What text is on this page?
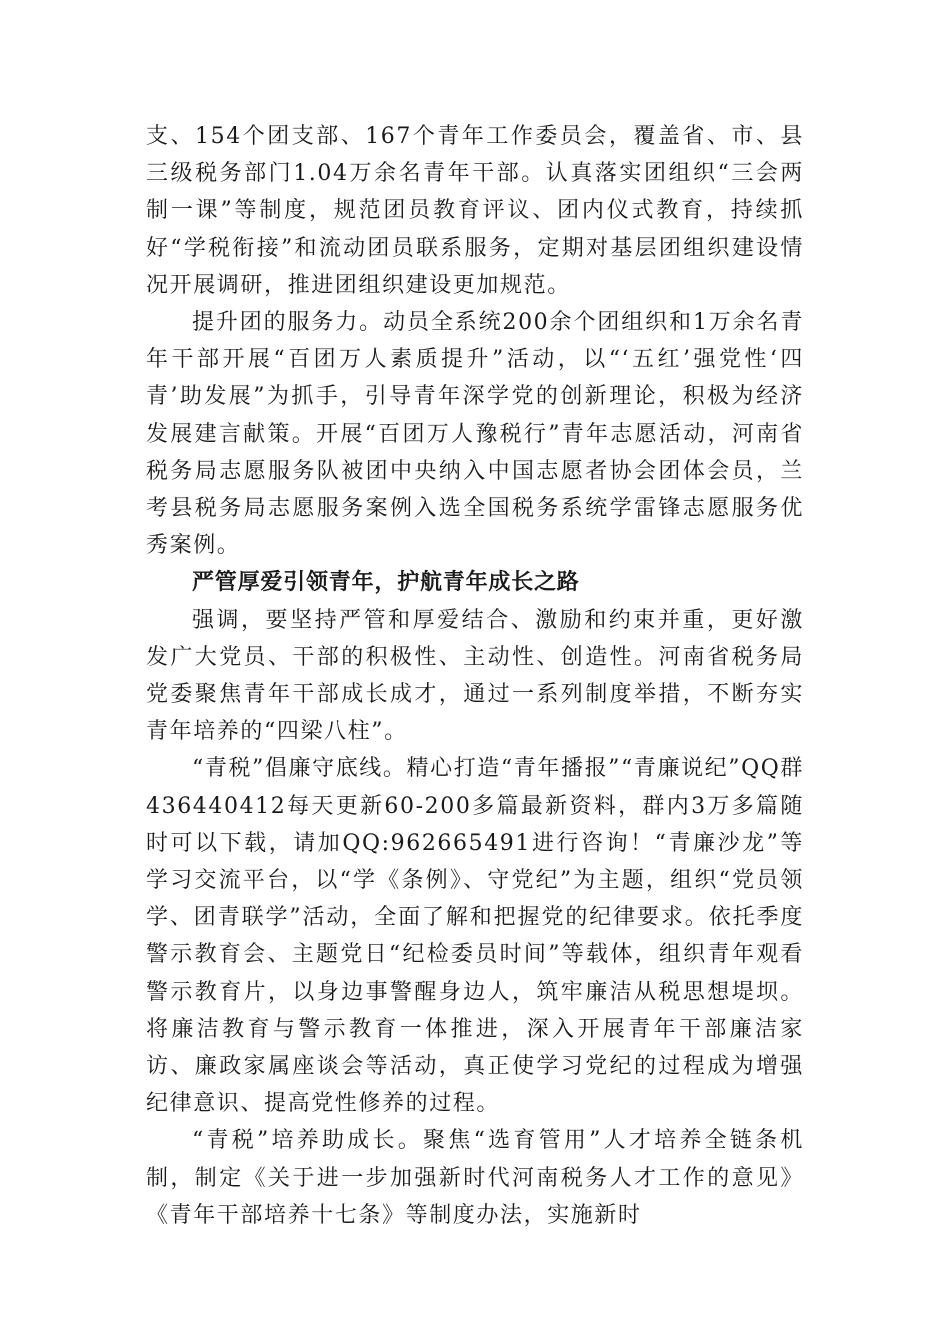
支、154个团支部、167个青年工作委员会，覆盖省、市、县三级税务部门1.04万余名青年干部。认真落实团组织“三会两制一课”等制度，规范团员教育评议、团内仪式教育，持续抓好“学税衔接”和流动团员联系服务，定期对基层团组织建设情况开展调研，推进团组织建设更加规范。

提升团的服务力。动员全系统200余个团组织和1万余名青年干部开展“百团万人素质提升”活动，以“‘五红’强党性‘四青’助发展”为抓手，引导青年深学党的创新理论，积极为经济发展建言献策。开展“百团万人豫税行”青年志愿活动，河南省税务局志愿服务队被团中央纳入中国志愿者协会团体会员，兰考县税务局志愿服务案例入选全国税务系统学雷锋志愿服务优秀案例。

严管厚爱引领青年，护航青年成长之路

强调，要坚持严管和厚爱结合、激励和约束并重，更好激发广大党员、干部的积极性、主动性、创造性。河南省税务局党委聚焦青年干部成长成才，通过一系列制度举措，不断夯实青年培养的“四梁八柱”。

“青税”倡廉守底线。精心打造“青年播报”“青廉说纪”QQ群436440412每天更新60-200多篇最新资料，群内3万多篇随时可以下载，请加QQ:962665491进行咨询！“青廉沙龙”等学习交流平台，以“学《条例》、守党纪”为主题，组织“党员领学、团青联学”活动，全面了解和把握党的纪律要求。依托季度警示教育会、主题党日“纪检委员时间”等载体，组织青年观看警示教育片，以身边事警醒身边人，筑牢廉洁从税思想堤坝。将廉洁教育与警示教育一体推进，深入开展青年干部廉洁家访、廉政家属座谈会等活动，真正使学习党纪的过程成为增强纪律意识、提高党性修养的过程。

“青税”培养助成长。聚焦“选育管用”人才培养全链条机制，制定《关于进一步加强新时代河南税务人才工作的意见》《青年干部培养十七条》等制度办法，实施新时
